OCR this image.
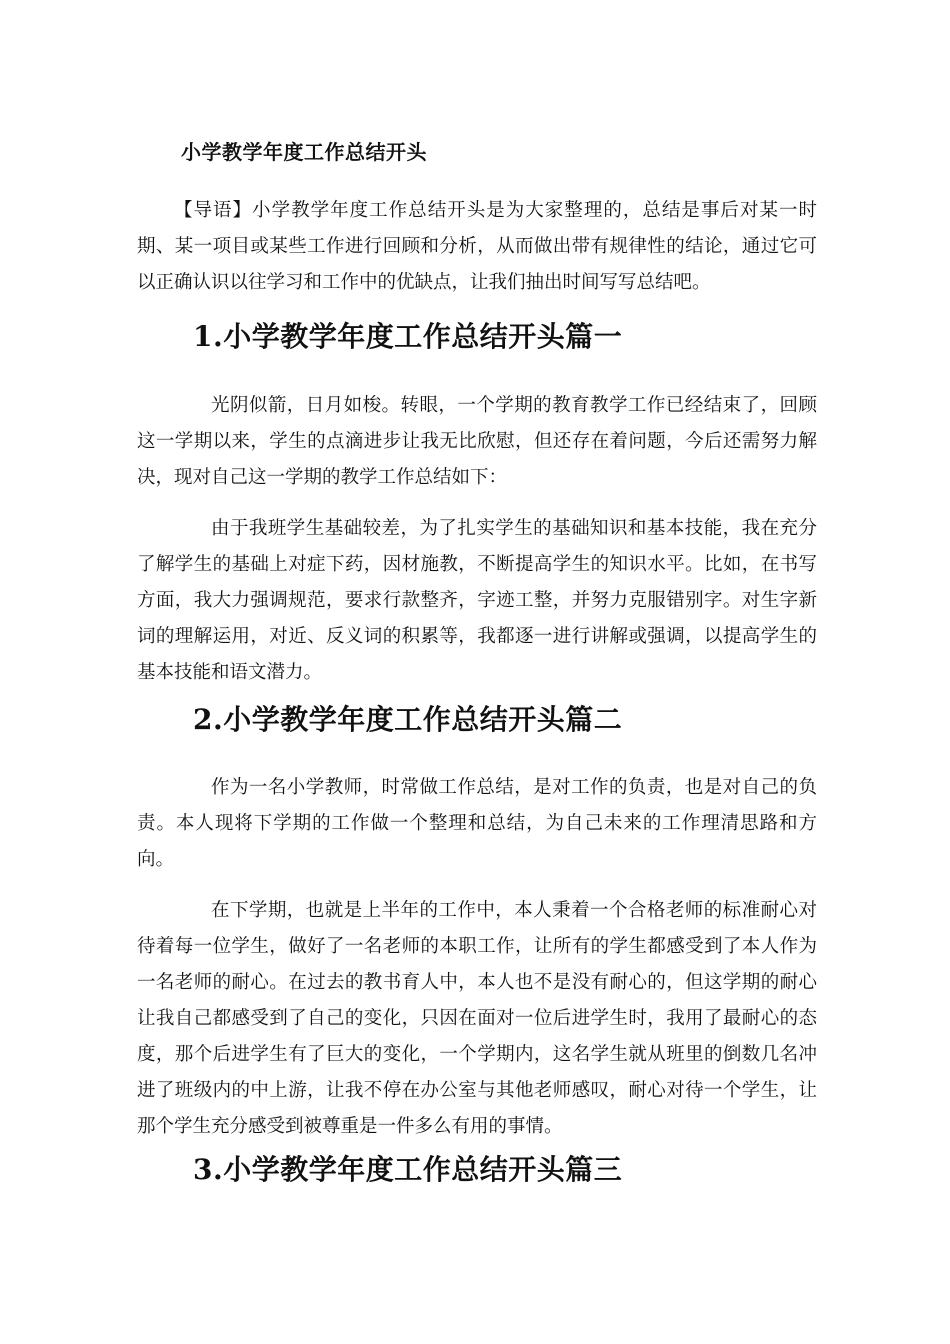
小学教学年度工作总结开头

【导语】小学教学年度工作总结开头是为大家整理的，总结是事后对某一时期、某一项目或某些工作进行回顾和分析，从而做出带有规律性的结论，通过它可以正确认识以往学习和工作中的优缺点，让我们抽出时间写写总结吧。

1.小学教学年度工作总结开头篇一

光阴似箭，日月如梭。转眼，一个学期的教育教学工作已经结束了，回顾这一学期以来，学生的点滴进步让我无比欣慰，但还存在着问题，今后还需努力解决，现对自己这一学期的教学工作总结如下：

由于我班学生基础较差，为了扎实学生的基础知识和基本技能，我在充分了解学生的基础上对症下药，因材施教，不断提高学生的知识水平。比如，在书写方面，我大力强调规范，要求行款整齐，字迹工整，并努力克服错别字。对生字新词的理解运用，对近、反义词的积累等，我都逐一进行讲解或强调，以提高学生的基本技能和语文潜力。

2.小学教学年度工作总结开头篇二

作为一名小学教师，时常做工作总结，是对工作的负责，也是对自己的负责。本人现将下学期的工作做一个整理和总结，为自己未来的工作理清思路和方向。

在下学期，也就是上半年的工作中，本人秉着一个合格老师的标准耐心对待着每一位学生，做好了一名老师的本职工作，让所有的学生都感受到了本人作为一名老师的耐心。在过去的教书育人中，本人也不是没有耐心的，但这学期的耐心让我自己都感受到了自己的变化，只因在面对一位后进学生时，我用了最耐心的态度，那个后进学生有了巨大的变化，一个学期内，这名学生就从班里的倒数几名冲进了班级内的中上游，让我不停在办公室与其他老师感叹，耐心对待一个学生，让那个学生充分感受到被尊重是一件多么有用的事情。

3.小学教学年度工作总结开头篇三
